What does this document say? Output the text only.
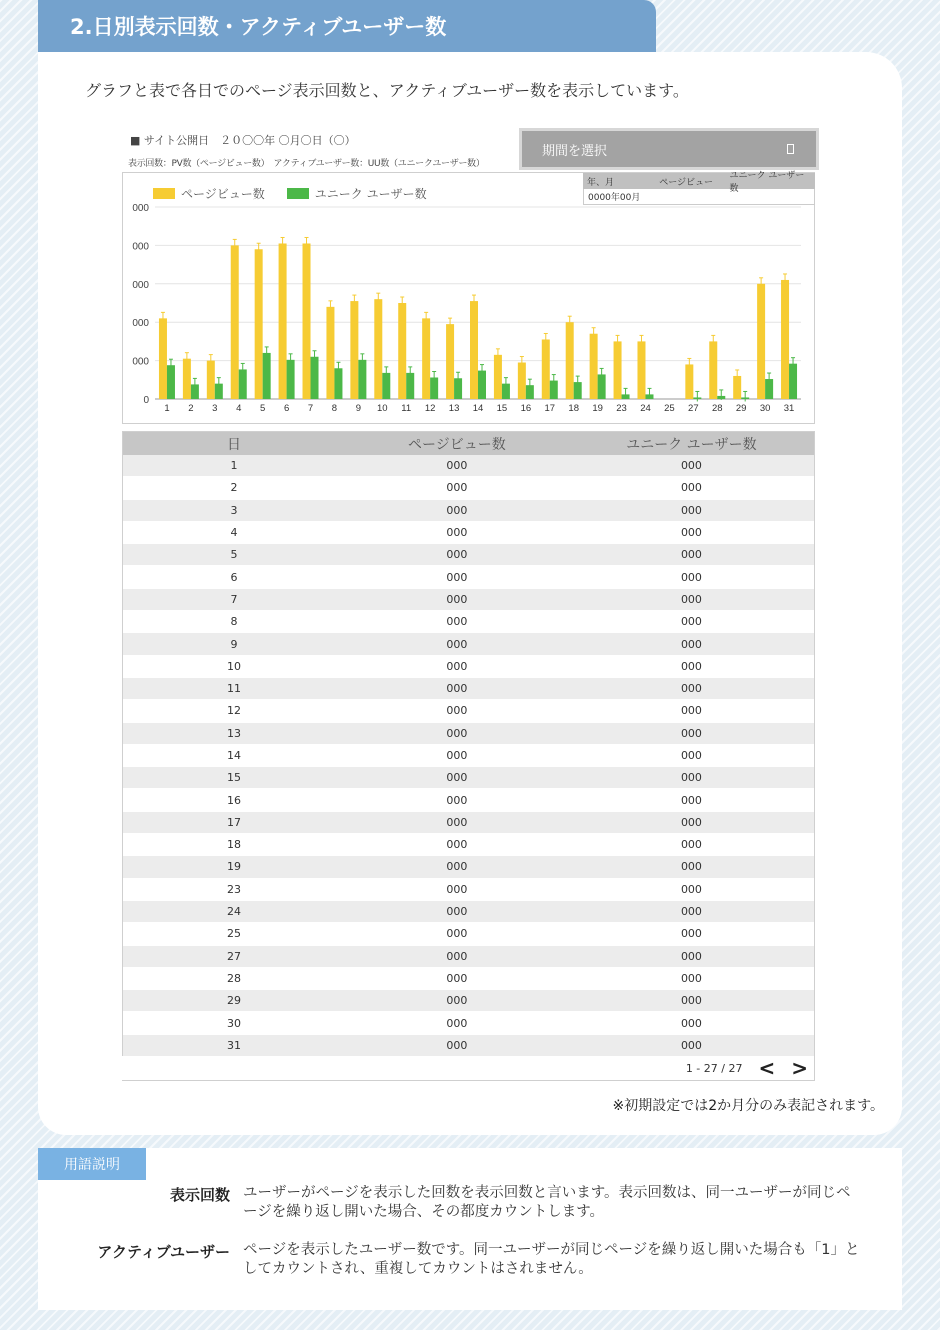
2.日別表示回数・アクティブユーザー数
グラフと表で各日でのページ表示回数と、アクティブユーザー数を表示しています。
■ サイト公開日　２０〇〇年 〇月〇日（〇）
表示回数：PV数（ページビュー数）　アクティブユーザー数：UU数（ユニークユーザー数）
期間を選択
0
000
000
000
000
000
1 2 3 4 5 6 7 8 9 10 11 12 13 14 15 16 17 18 19 23 24 25 27 28 29 30 31
ページビュー数	ユニーク ユーザー数
年、月	ページビュー
ユニーク ユーザー数
0000年00月
日	ページビュー数	ユニーク ユーザー数
1	000	000
2	000	000
3	000	000
4	000	000
5	000	000
6	000	000
7	000	000
8	000	000
9	000	000
10	000	000
11	000	000
12	000	000
13	000	000
14	000	000
15	000	000
16	000	000
17	000	000
18	000	000
19	000	000
23	000	000
24	000	000
25	000	000
27	000	000
28	000	000
29	000	000
30	000	000
31	000	000
1 - 27 / 27 < >
※初期設定では2か月分のみ表記されます。
用語説明
表示回数 ユーザーがページを表示した回数を表示回数と言います。表示回数は、同一ユーザーが同じページを繰り返し開いた場合、その都度カウントします。
アクティブユーザー ページを表示したユーザー数です。同一ユーザーが同じページを繰り返し開いた場合も「1」としてカウントされ、重複してカウントはされません。
